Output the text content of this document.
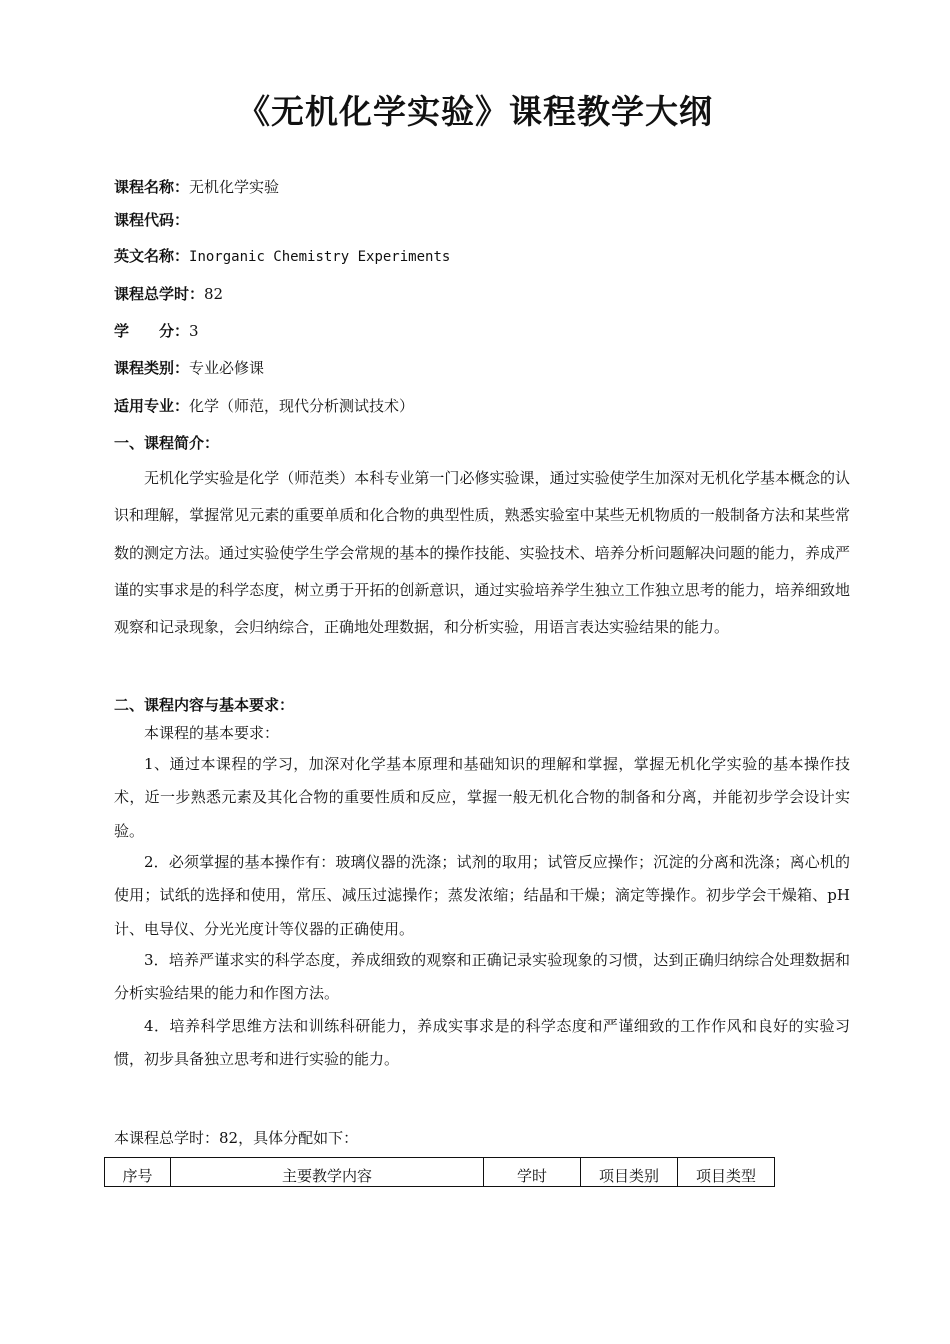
《无机化学实验》课程教学大纲
课程名称：无机化学实验
课程代码：
英文名称：Inorganic Chemistry Experiments
课程总学时：82
学　　分：3
课程类别：专业必修课
适用专业：化学（师范，现代分析测试技术）
一、课程简介：

无机化学实验是化学（师范类）本科专业第一门必修实验课，通过实验使学生加深对无机化学基本概念的认识和理解，掌握常见元素的重要单质和化合物的典型性质，熟悉实验室中某些无机物质的一般制备方法和某些常数的测定方法。通过实验使学生学会常规的基本的操作技能、实验技术、培养分析问题解决问题的能力，养成严谨的实事求是的科学态度，树立勇于开拓的创新意识，通过实验培养学生独立工作独立思考的能力，培养细致地观察和记录现象，会归纳综合，正确地处理数据，和分析实验，用语言表达实验结果的能力。

二、课程内容与基本要求：
本课程的基本要求：

1、通过本课程的学习，加深对化学基本原理和基础知识的理解和掌握，掌握无机化学实验的基本操作技术，近一步熟悉元素及其化合物的重要性质和反应，掌握一般无机化合物的制备和分离，并能初步学会设计实验。

2．必须掌握的基本操作有：玻璃仪器的洗涤；试剂的取用；试管反应操作；沉淀的分离和洗涤；离心机的使用；试纸的选择和使用，常压、减压过滤操作；蒸发浓缩；结晶和干燥；滴定等操作。初步学会干燥箱、pH 计、电导仪、分光光度计等仪器的正确使用。

3．培养严谨求实的科学态度，养成细致的观察和正确记录实验现象的习惯，达到正确归纳综合处理数据和分析实验结果的能力和作图方法。

4．培养科学思维方法和训练科研能力，养成实事求是的科学态度和严谨细致的工作作风和良好的实验习惯，初步具备独立思考和进行实验的能力。

本课程总学时：82，具体分配如下：
序号	主要教学内容	学时	项目类别	项目类型
